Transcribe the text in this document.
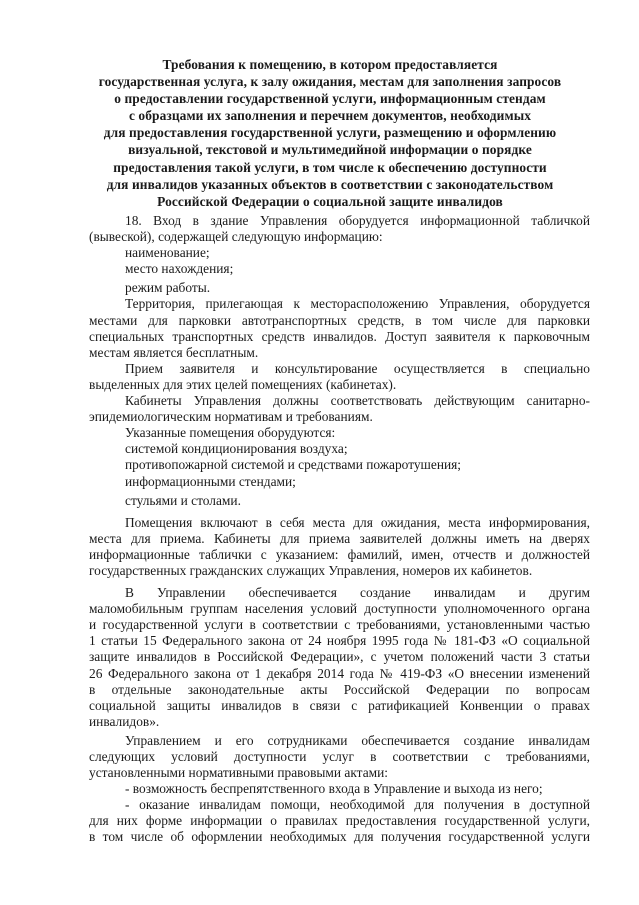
Требования к помещению, в котором предоставляется
государственная услуга, к залу ожидания, местам для заполнения запросов
о предоставлении государственной услуги, информационным стендам
с образцами их заполнения и перечнем документов, необходимых
для предоставления государственной услуги, размещению и оформлению
визуальной, текстовой и мультимедийной информации о порядке
предоставления такой услуги, в том числе к обеспечению доступности
для инвалидов указанных объектов в соответствии с законодательством
Российской Федерации о социальной защите инвалидов
18. Вход в здание Управления оборудуется информационной табличкой
(вывеской), содержащей следующую информацию:
наименование;
место нахождения;
режим работы.
Территория, прилегающая к месторасположению Управления, оборудуется
местами для парковки автотранспортных средств, в том числе для парковки
специальных транспортных средств инвалидов. Доступ заявителя к парковочным
местам является бесплатным.
Прием заявителя и консультирование осуществляется в специально
выделенных для этих целей помещениях (кабинетах).
Кабинеты Управления должны соответствовать действующим санитарно-
эпидемиологическим нормативам и требованиям.
Указанные помещения оборудуются:
системой кондиционирования воздуха;
противопожарной системой и средствами пожаротушения;
информационными стендами;
стульями и столами.
Помещения включают в себя места для ожидания, места информирования,
места для приема. Кабинеты для приема заявителей должны иметь на дверях
информационные таблички с указанием: фамилий, имен, отчеств и должностей
государственных гражданских служащих Управления, номеров их кабинетов.
В Управлении обеспечивается создание инвалидам и другим
маломобильным группам населения условий доступности уполномоченного органа
и государственной услуги в соответствии с требованиями, установленными частью
1 статьи 15 Федерального закона от 24 ноября 1995 года № 181-ФЗ «О социальной
защите инвалидов в Российской Федерации», с учетом положений части 3 статьи
26 Федерального закона от 1 декабря 2014 года № 419-ФЗ «О внесении изменений
в отдельные законодательные акты Российской Федерации по вопросам
социальной защиты инвалидов в связи с ратификацией Конвенции о правах
инвалидов».
Управлением и его сотрудниками обеспечивается создание инвалидам
следующих условий доступности услуг в соответствии с требованиями,
установленными нормативными правовыми актами:
- возможность беспрепятственного входа в Управление и выхода из него;
- оказание инвалидам помощи, необходимой для получения в доступной
для них форме информации о правилах предоставления государственной услуги,
в том числе об оформлении необходимых для получения государственной услуги
